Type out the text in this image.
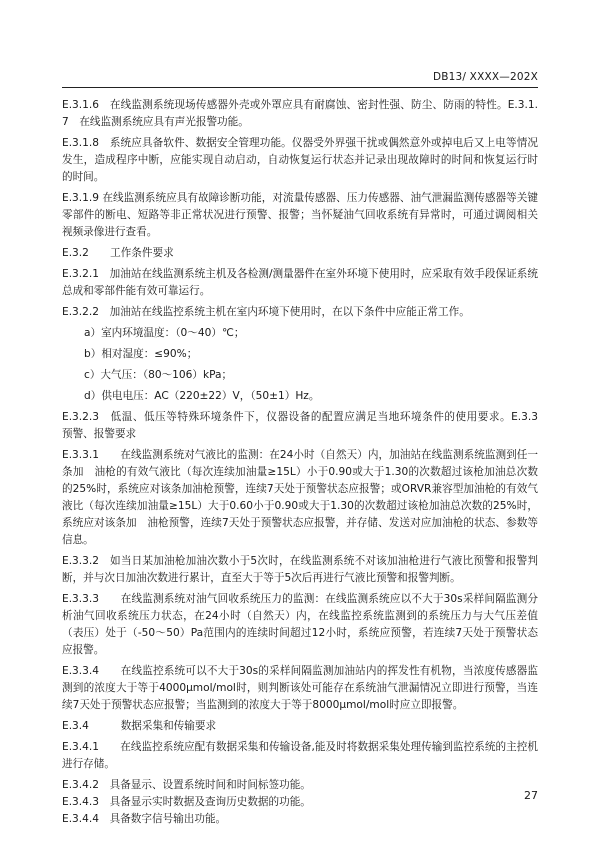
DB13/ XXXX—202X

E.3.1.6　在线监测系统现场传感器外壳或外罩应具有耐腐蚀、密封性强、防尘、防雨的特性。E.3.1.7　在线监测系统应具有声光报警功能。

E.3.1.8　系统应具备软件、数据安全管理功能。仪器受外界强干扰或偶然意外或掉电后又上电等情况发生，造成程序中断，应能实现自动启动，自动恢复运行状态并记录出现故障时的时间和恢复运行时的时间。

E.3.1.9 在线监测系统应具有故障诊断功能，对流量传感器、压力传感器、油气泄漏监测传感器等关键零部件的断电、短路等非正常状况进行预警、报警；当怀疑油气回收系统有异常时，可通过调阅相关视频录像进行查看。

E.3.2　　工作条件要求

E.3.2.1　加油站在线监测系统主机及各检测/测量器件在室外环境下使用时，应采取有效手段保证系统总成和零部件能有效可靠运行。

E.3.2.2　加油站在线监控系统主机在室内环境下使用时，在以下条件中应能正常工作。

a）室内环境温度：（0～40）℃；

b）相对湿度：≤90%；

c）大气压：（80～106）kPa；

d）供电电压：AC（220±22）V，（50±1）Hz。

E.3.2.3　低温、低压等特殊环境条件下，仪器设备的配置应满足当地环境条件的使用要求。E.3.3　　预警、报警要求

E.3.3.1　　在线监测系统对气液比的监测：在24小时（自然天）内，加油站在线监测系统监测到任一条加　油枪的有效气液比（每次连续加油量≥15L）小于0.90或大于1.30的次数超过该枪加油总次数的25%时，系统应对该条加油枪预警，连续7天处于预警状态应报警；或ORVR兼容型加油枪的有效气液比（每次连续加油量≥15L）大于0.60小于0.90或大于1.30的次数超过该枪加油总次数的25%时，系统应对该条加　油枪预警，连续7天处于预警状态应报警，并存储、发送对应加油枪的状态、参数等信息。

E.3.3.2　如当日某加油枪加油次数小于5次时，在线监测系统不对该加油枪进行气液比预警和报警判断，并与次日加油次数进行累计，直至大于等于5次后再进行气液比预警和报警判断。

E.3.3.3　　在线监测系统对油气回收系统压力的监测：在线监测系统应以不大于30s采样间隔监测分析油气回收系统压力状态，在24小时（自然天）内，在线监控系统监测到的系统压力与大气压差值（表压）处于（-50～50）Pa范围内的连续时间超过12小时，系统应预警，若连续7天处于预警状态应报警。

E.3.3.4　　在线监控系统可以不大于30s的采样间隔监测加油站内的挥发性有机物，当浓度传感器监测到的浓度大于等于4000μmol/mol时，则判断该处可能存在系统油气泄漏情况立即进行预警，当连续7天处于预警状态应报警；当监测到的浓度大于等于8000μmol/mol时应立即报警。

E.3.4　　　数据采集和传输要求

E.3.4.1　　在线监控系统应配有数据采集和传输设备,能及时将数据采集处理传输到监控系统的主控机进行存储。

E.3.4.2　具备显示、设置系统时间和时间标签功能。

E.3.4.3　具备显示实时数据及查询历史数据的功能。

E.3.4.4　具备数字信号输出功能。

27
